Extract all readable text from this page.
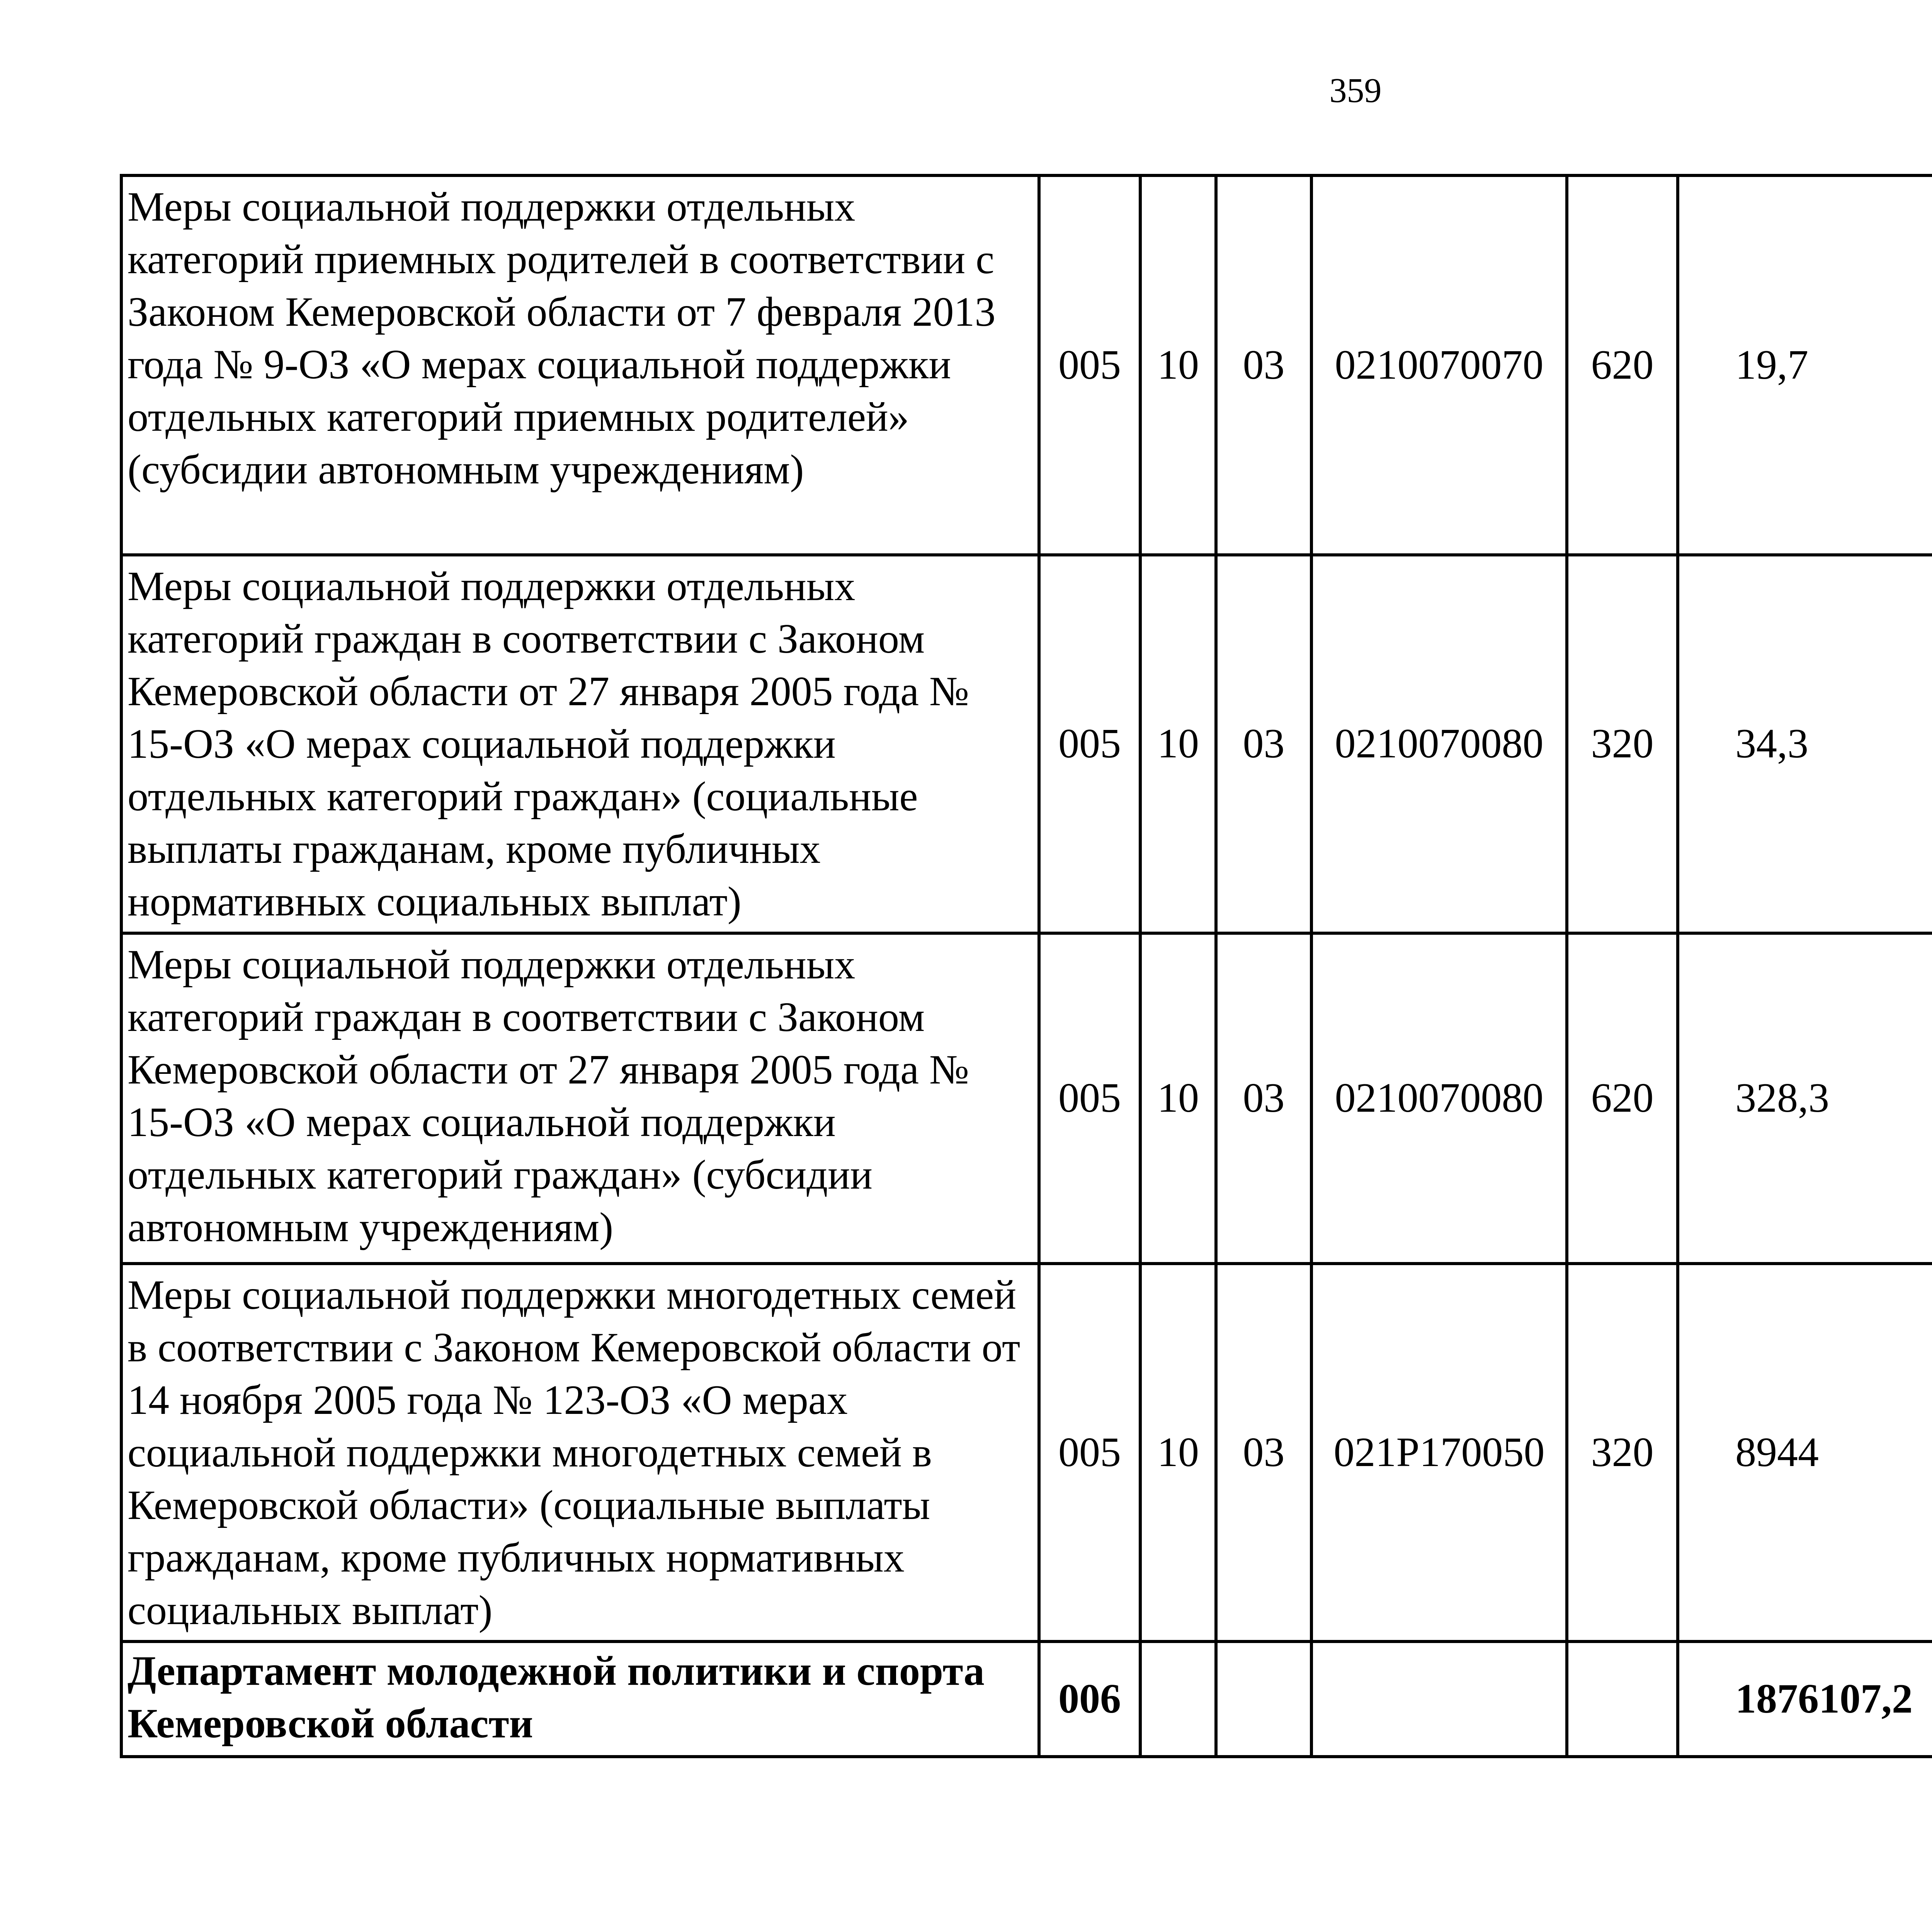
359
Меры социальной поддержки отдельных категорий приемных родителей в соответствии с Законом Кемеровской области от 7 февраля 2013 года № 9-ОЗ «О мерах социальной поддержки отдельных категорий приемных родителей» (субсидии автономным учреждениям)	005	10	03	0210070070	620	19,7		
Меры социальной поддержки отдельных категорий граждан в соответствии с Законом Кемеровской области от 27 января 2005 года № 15-ОЗ «О мерах социальной поддержки отдельных категорий граждан» (социальные выплаты гражданам, кроме публичных нормативных социальных выплат)	005	10	03	0210070080	320	34,3		
Меры социальной поддержки отдельных категорий граждан в соответствии с Законом Кемеровской области от 27 января 2005 года № 15-ОЗ «О мерах социальной поддержки отдельных категорий граждан» (субсидии автономным учреждениям)	005	10	03	0210070080	620	328,3		
Меры социальной поддержки многодетных семей в соответствии с Законом Кемеровской области от 14 ноября 2005 года № 123-ОЗ «О мерах социальной поддержки многодетных семей в Кемеровской области» (социальные выплаты гражданам, кроме публичных нормативных социальных выплат)	005	10	03	021P170050	320	8944		
Департамент молодежной политики и спорта Кемеровской области	006					1876107,2		
